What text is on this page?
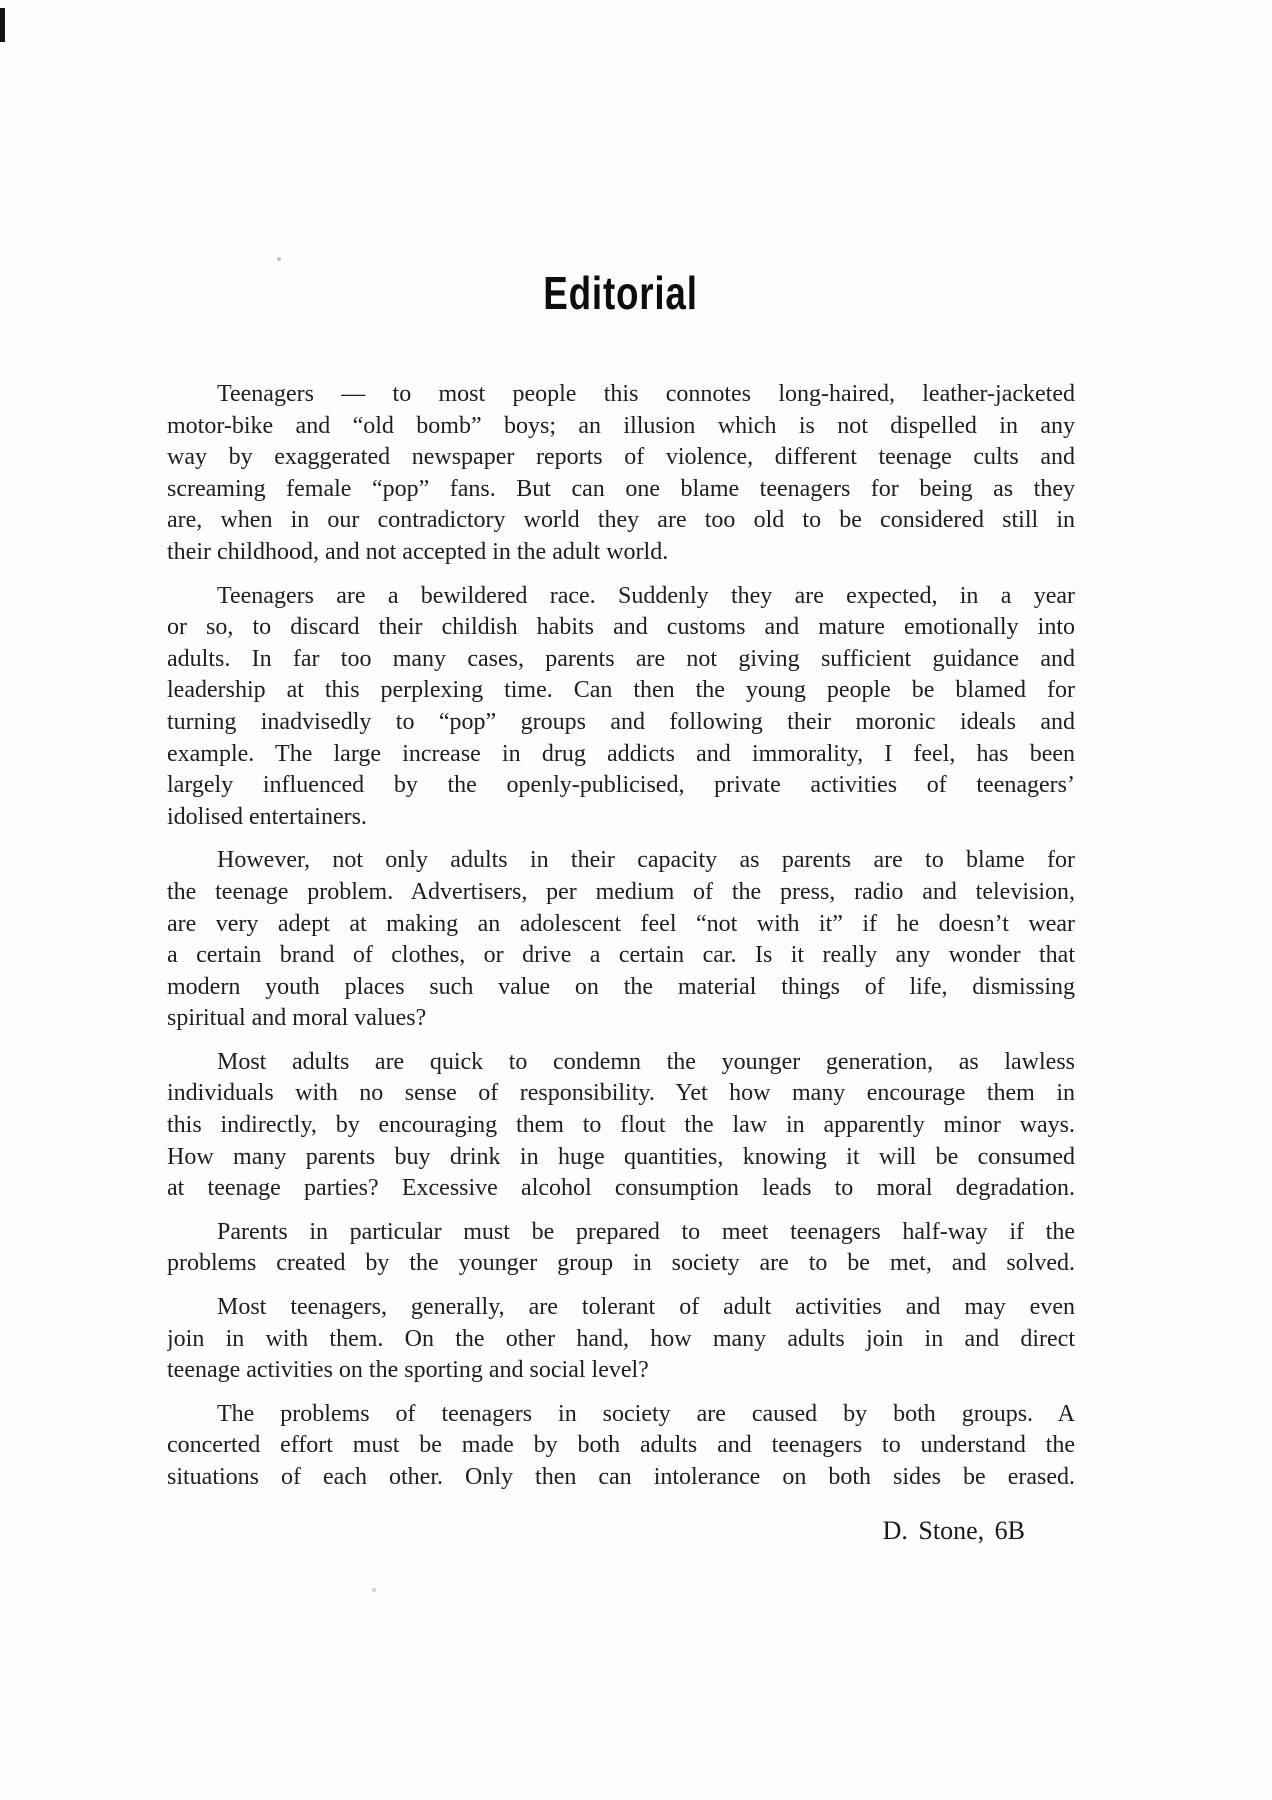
Editorial
Teenagers — to most people this connotes long-haired, leather-jacketed
motor-bike and “old bomb” boys; an illusion which is not dispelled in any
way by exaggerated newspaper reports of violence, different teenage cults and
screaming female “pop” fans. But can one blame teenagers for being as they
are, when in our contradictory world they are too old to be considered still in
their childhood, and not accepted in the adult world.
Teenagers are a bewildered race. Suddenly they are expected, in a year
or so, to discard their childish habits and customs and mature emotionally into
adults. In far too many cases, parents are not giving sufficient guidance and
leadership at this perplexing time. Can then the young people be blamed for
turning inadvisedly to “pop” groups and following their moronic ideals and
example. The large increase in drug addicts and immorality, I feel, has been
largely influenced by the openly-publicised, private activities of teenagers’
idolised entertainers.
However, not only adults in their capacity as parents are to blame for
the teenage problem. Advertisers, per medium of the press, radio and television,
are very adept at making an adolescent feel “not with it” if he doesn’t wear
a certain brand of clothes, or drive a certain car. Is it really any wonder that
modern youth places such value on the material things of life, dismissing
spiritual and moral values?
Most adults are quick to condemn the younger generation, as lawless
individuals with no sense of responsibility. Yet how many encourage them in
this indirectly, by encouraging them to flout the law in apparently minor ways.
How many parents buy drink in huge quantities, knowing it will be consumed
at teenage parties? Excessive alcohol consumption leads to moral degradation.
Parents in particular must be prepared to meet teenagers half-way if the
problems created by the younger group in society are to be met, and solved.
Most teenagers, generally, are tolerant of adult activities and may even
join in with them. On the other hand, how many adults join in and direct
teenage activities on the sporting and social level?
The problems of teenagers in society are caused by both groups. A
concerted effort must be made by both adults and teenagers to understand the
situations of each other. Only then can intolerance on both sides be erased.
D. Stone, 6B
